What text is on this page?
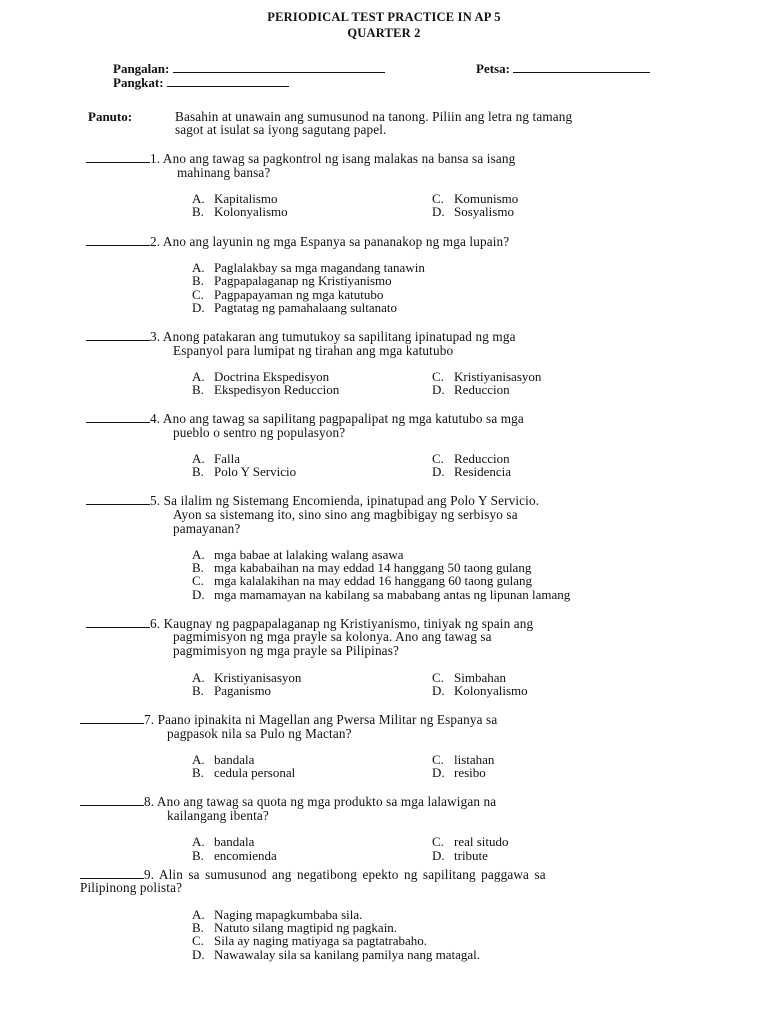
PERIODICAL TEST PRACTICE IN AP 5
QUARTER 2
Pangalan:	Petsa:
Pangkat:
Panuto:	Basahin at unawain ang sumusunod na tanong. Piliin ang letra ng tamang
sagot at isulat sa iyong sagutang papel.
1. Ano ang tawag sa pagkontrol ng isang malakas na bansa sa isang
mahinang bansa?
A. Kapitalismo
B. Kolonyalismo
C. Komunismo
D. Sosyalismo
2. Ano ang layunin ng mga Espanya sa pananakop ng mga lupain?
A. Paglalakbay sa mga magandang tanawin
B. Pagpapalaganap ng Kristiyanismo
C. Pagpapayaman ng mga katutubo
D. Pagtatag ng pamahalaang sultanato
3. Anong patakaran ang tumutukoy sa sapilitang ipinatupad ng mga
Espanyol para lumipat ng tirahan ang mga katutubo
A. Doctrina Ekspedisyon
B. Ekspedisyon Reduccion
C. Kristiyanisasyon
D. Reduccion
4. Ano ang tawag sa sapilitang pagpapalipat ng mga katutubo sa mga
pueblo o sentro ng populasyon?
A. Falla
B. Polo Y Servicio
C. Reduccion
D. Residencia
5. Sa ilalim ng Sistemang Encomienda, ipinatupad ang Polo Y Servicio.
Ayon sa sistemang ito, sino sino ang magbibigay ng serbisyo sa
pamayanan?
A. mga babae at lalaking walang asawa
B. mga kababaihan na may eddad 14 hanggang 50 taong gulang
C. mga kalalakihan na may eddad 16 hanggang 60 taong gulang
D. mga mamamayan na kabilang sa mababang antas ng lipunan lamang
6. Kaugnay ng pagpapalaganap ng Kristiyanismo, tiniyak ng spain ang
pagmimisyon ng mga prayle sa kolonya. Ano ang tawag sa
pagmimisyon ng mga prayle sa Pilipinas?
A. Kristiyanisasyon
B. Paganismo
C. Simbahan
D. Kolonyalismo
7. Paano ipinakita ni Magellan ang Pwersa Militar ng Espanya sa
pagpasok nila sa Pulo ng Mactan?
A. bandala
B. cedula personal
C. listahan
D. resibo
8. Ano ang tawag sa quota ng mga produkto sa mga lalawigan na
kailangang ibenta?
A. bandala
B. encomienda
C. real situdo
D. tribute
9. Alin sa sumusunod ang negatibong epekto ng sapilitang paggawa sa
Pilipinong polista?
A. Naging mapagkumbaba sila.
B. Natuto silang magtipid ng pagkain.
C. Sila ay naging matiyaga sa pagtatrabaho.
D. Nawawalay sila sa kanilang pamilya nang matagal.
